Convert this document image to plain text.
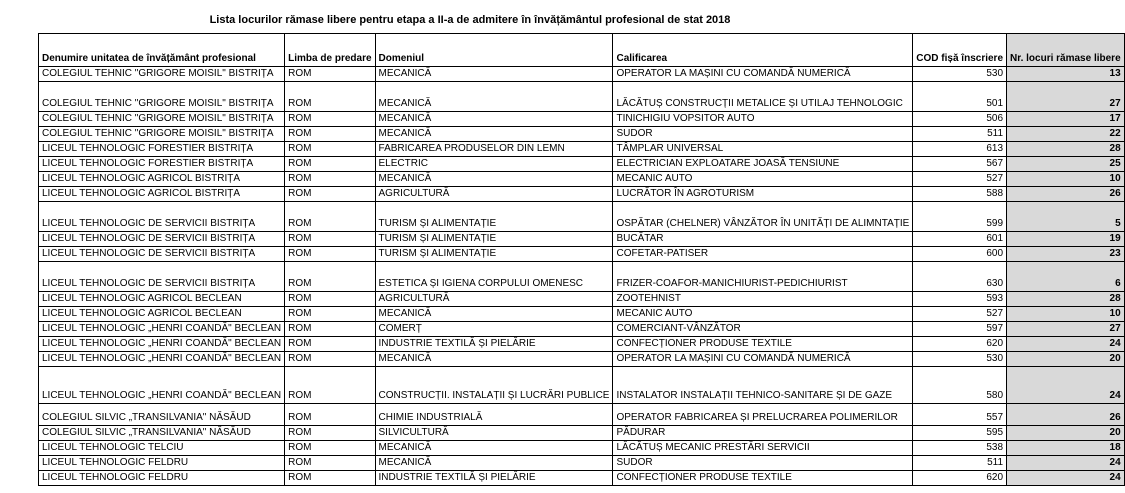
Lista locurilor rămase libere pentru etapa a II-a de admitere în învățământul profesional de stat 2018
Denumire unitatea de învățământ profesional	Limba de predare	Domeniul	Calificarea	COD fișă înscriere	Nr. locuri rămase libere
COLEGIUL TEHNIC "GRIGORE MOISIL" BISTRIȚA	ROM	MECANICĂ	OPERATOR LA MAȘINI CU COMANDĂ NUMERICĂ	530	13
COLEGIUL TEHNIC "GRIGORE MOISIL" BISTRIȚA	ROM	MECANICĂ	LĂCĂTUȘ CONSTRUCȚII METALICE ȘI UTILAJ TEHNOLOGIC	501	27
COLEGIUL TEHNIC "GRIGORE MOISIL" BISTRIȚA	ROM	MECANICĂ	TINICHIGIU VOPSITOR AUTO	506	17
COLEGIUL TEHNIC "GRIGORE MOISIL" BISTRIȚA	ROM	MECANICĂ	SUDOR	511	22
LICEUL TEHNOLOGIC FORESTIER BISTRIȚA	ROM	FABRICAREA PRODUSELOR DIN LEMN	TÂMPLAR UNIVERSAL	613	28
LICEUL TEHNOLOGIC FORESTIER BISTRIȚA	ROM	ELECTRIC	ELECTRICIAN EXPLOATARE JOASĂ TENSIUNE	567	25
LICEUL TEHNOLOGIC AGRICOL BISTRIȚA	ROM	MECANICĂ	MECANIC AUTO	527	10
LICEUL TEHNOLOGIC AGRICOL BISTRIȚA	ROM	AGRICULTURĂ	LUCRĂTOR ÎN AGROTURISM	588	26
LICEUL TEHNOLOGIC DE SERVICII BISTRIȚA	ROM	TURISM ȘI ALIMENTAȚIE	OSPĂTAR (CHELNER) VÂNZĂTOR ÎN UNITĂȚI DE ALIMNTAȚIE	599	5
LICEUL TEHNOLOGIC DE SERVICII BISTRIȚA	ROM	TURISM ȘI ALIMENTAȚIE	BUCĂTAR	601	19
LICEUL TEHNOLOGIC DE SERVICII BISTRIȚA	ROM	TURISM ȘI ALIMENTAȚIE	COFETAR-PATISER	600	23
LICEUL TEHNOLOGIC DE SERVICII BISTRIȚA	ROM	ESTETICA ȘI IGIENA CORPULUI OMENESC	FRIZER-COAFOR-MANICHIURIST-PEDICHIURIST	630	6
LICEUL TEHNOLOGIC AGRICOL BECLEAN	ROM	AGRICULTURĂ	ZOOTEHNIST	593	28
LICEUL TEHNOLOGIC AGRICOL BECLEAN	ROM	MECANICĂ	MECANIC AUTO	527	10
LICEUL TEHNOLOGIC „HENRI COANDĂ" BECLEAN	ROM	COMERȚ	COMERCIANT-VÂNZĂTOR	597	27
LICEUL TEHNOLOGIC „HENRI COANDĂ" BECLEAN	ROM	INDUSTRIE TEXTILĂ ȘI PIELĂRIE	CONFECȚIONER PRODUSE TEXTILE	620	24
LICEUL TEHNOLOGIC „HENRI COANDĂ" BECLEAN	ROM	MECANICĂ	OPERATOR LA MAȘINI CU COMANDĂ NUMERICĂ	530	20
LICEUL TEHNOLOGIC „HENRI COANDĂ" BECLEAN	ROM	CONSTRUCȚII. INSTALAȚII ȘI LUCRĂRI PUBLICE	INSTALATOR INSTALAȚII TEHNICO-SANITARE ȘI DE GAZE	580	24
COLEGIUL SILVIC „TRANSILVANIA" NĂSĂUD	ROM	CHIMIE INDUSTRIALĂ	OPERATOR FABRICAREA ȘI PRELUCRAREA POLIMERILOR	557	26
COLEGIUL SILVIC „TRANSILVANIA" NĂSĂUD	ROM	SILVICULTURĂ	PĂDURAR	595	20
LICEUL TEHNOLOGIC TELCIU	ROM	MECANICĂ	LĂCĂTUȘ MECANIC PRESTĂRI SERVICII	538	18
LICEUL TEHNOLOGIC FELDRU	ROM	MECANICĂ	SUDOR	511	24
LICEUL TEHNOLOGIC FELDRU	ROM	INDUSTRIE TEXTILĂ ȘI PIELĂRIE	CONFECȚIONER PRODUSE TEXTILE	620	24
